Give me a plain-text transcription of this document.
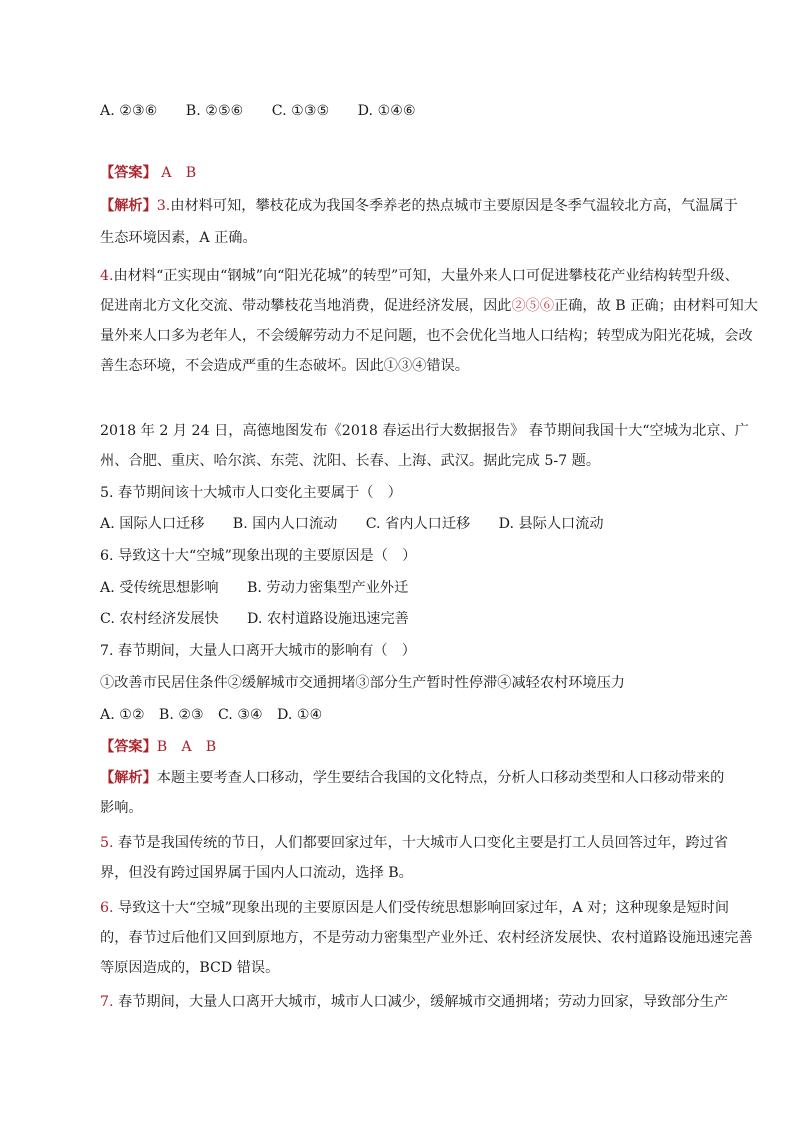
A. ②③⑥　　B. ②⑤⑥　　C. ①③⑤　　D. ①④⑥

【答案】 A　B

【解析】3.由材料可知，攀枝花成为我国冬季养老的热点城市主要原因是冬季气温较北方高，气温属于

生态环境因素，A 正确。

4.由材料“正实现由“钢城”向“阳光花城”的转型”可知，大量外来人口可促进攀枝花产业结构转型升级、

促进南北方文化交流、带动攀枝花当地消费，促进经济发展，因此②⑤⑥正确，故 B 正确；由材料可知大

量外来人口多为老年人，不会缓解劳动力不足问题，也不会优化当地人口结构；转型成为阳光花城，会改

善生态环境，不会造成严重的生态破坏。因此①③④错误。

2018 年 2 月 24 日，高德地图发布《2018 春运出行大数据报告》 春节期间我国十大“空城为北京、广

州、合肥、重庆、哈尔滨、东莞、沈阳、长春、上海、武汉。据此完成 5-7 题。

5. 春节期间该十大城市人口变化主要属于（　）

A. 国际人口迁移　　B. 国内人口流动　　C. 省内人口迁移　　D. 县际人口流动

6. 导致这十大“空城”现象出现的主要原因是（　）

A. 受传统思想影响　　B. 劳动力密集型产业外迁

C. 农村经济发展快　　D. 农村道路设施迅速完善

7. 春节期间，大量人口离开大城市的影响有（　）

①改善市民居住条件②缓解城市交通拥堵③部分生产暂时性停滞④减轻农村环境压力

A. ①②　B. ②③　C. ③④　D. ①④

【答案】B　A　B

【解析】本题主要考查人口移动，学生要结合我国的文化特点，分析人口移动类型和人口移动带来的

影响。

5. 春节是我国传统的节日，人们都要回家过年，十大城市人口变化主要是打工人员回答过年，跨过省

界，但没有跨过国界属于国内人口流动，选择 B。

6. 导致这十大“空城”现象出现的主要原因是人们受传统思想影响回家过年，A 对；这种现象是短时间

的，春节过后他们又回到原地方，不是劳动力密集型产业外迁、农村经济发展快、农村道路设施迅速完善

等原因造成的，BCD 错误。

7. 春节期间，大量人口离开大城市，城市人口减少，缓解城市交通拥堵；劳动力回家，导致部分生产
